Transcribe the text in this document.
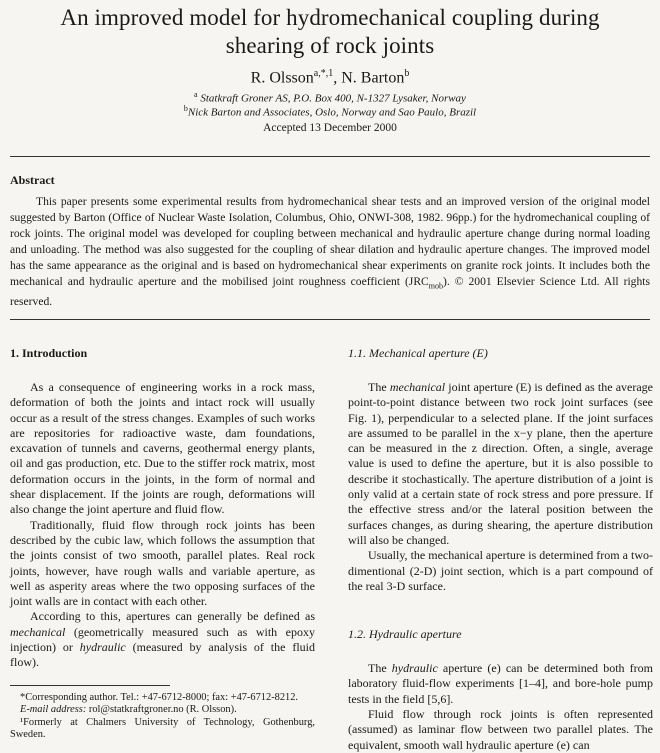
An improved model for hydromechanical coupling during
shearing of rock joints
R. Olsson$^{a,*,1}$, N. Barton$^b$
$^a$ Statkraft Groner AS, P.O. Box 400, N-1327 Lysaker, Norway
$^b$Nick Barton and Associates, Oslo, Norway and Sao Paulo, Brazil
Accepted 13 December 2000
Abstract

This paper presents some experimental results from hydromechanical shear tests and an improved version of the original model suggested by Barton (Office of Nuclear Waste Isolation, Columbus, Ohio, ONWI-308, 1982. 96pp.) for the hydromechanical coupling of rock joints. The original model was developed for coupling between mechanical and hydraulic aperture change during normal loading and unloading. The method was also suggested for the coupling of shear dilation and hydraulic aperture changes. The improved model has the same appearance as the original and is based on hydromechanical shear experiments on granite rock joints. It includes both the mechanical and hydraulic aperture and the mobilised joint roughness coefficient $(JRC_{mob})$. © 2001 Elsevier Science Ltd. All rights reserved.

1. Introduction

As a consequence of engineering works in a rock mass, deformation of both the joints and intact rock will usually occur as a result of the stress changes. Examples of such works are repositories for radioactive waste, dam foundations, excavation of tunnels and caverns, geothermal energy plants, oil and gas production, etc. Due to the stiffer rock matrix, most deformation occurs in the joints, in the form of normal and shear displacement. If the joints are rough, deformations will also change the joint aperture and fluid flow.

Traditionally, fluid flow through rock joints has been described by the cubic law, which follows the assumption that the joints consist of two smooth, parallel plates. Real rock joints, however, have rough walls and variable aperture, as well as asperity areas where the two opposing surfaces of the joint walls are in contact with each other.

According to this, apertures can generally be defined as mechanical (geometrically measured such as with epoxy injection) or hydraulic (measured by analysis of the fluid flow).

*Corresponding author. Tel.: +47-6712-8000; fax: +47-6712-8212.

E-mail address: rol@statkraftgroner.no (R. Olsson).

¹Formerly at Chalmers University of Technology, Gothenburg, Sweden.

1.1. Mechanical aperture (E)

The mechanical joint aperture (E) is defined as the average point-to-point distance between two rock joint surfaces (see Fig. 1), perpendicular to a selected plane. If the joint surfaces are assumed to be parallel in the x−y plane, then the aperture can be measured in the z direction. Often, a single, average value is used to define the aperture, but it is also possible to describe it stochastically. The aperture distribution of a joint is only valid at a certain state of rock stress and pore pressure. If the effective stress and/or the lateral position between the surfaces changes, as during shearing, the aperture distribution will also be changed.

Usually, the mechanical aperture is determined from a two-dimentional (2-D) joint section, which is a part compound of the real 3-D surface.

1.2. Hydraulic aperture

The hydraulic aperture (e) can be determined both from laboratory fluid-flow experiments [1–4], and bore-hole pump tests in the field [5,6].

Fluid flow through rock joints is often represented (assumed) as laminar flow between two parallel plates. The equivalent, smooth wall hydraulic aperture (e) can
